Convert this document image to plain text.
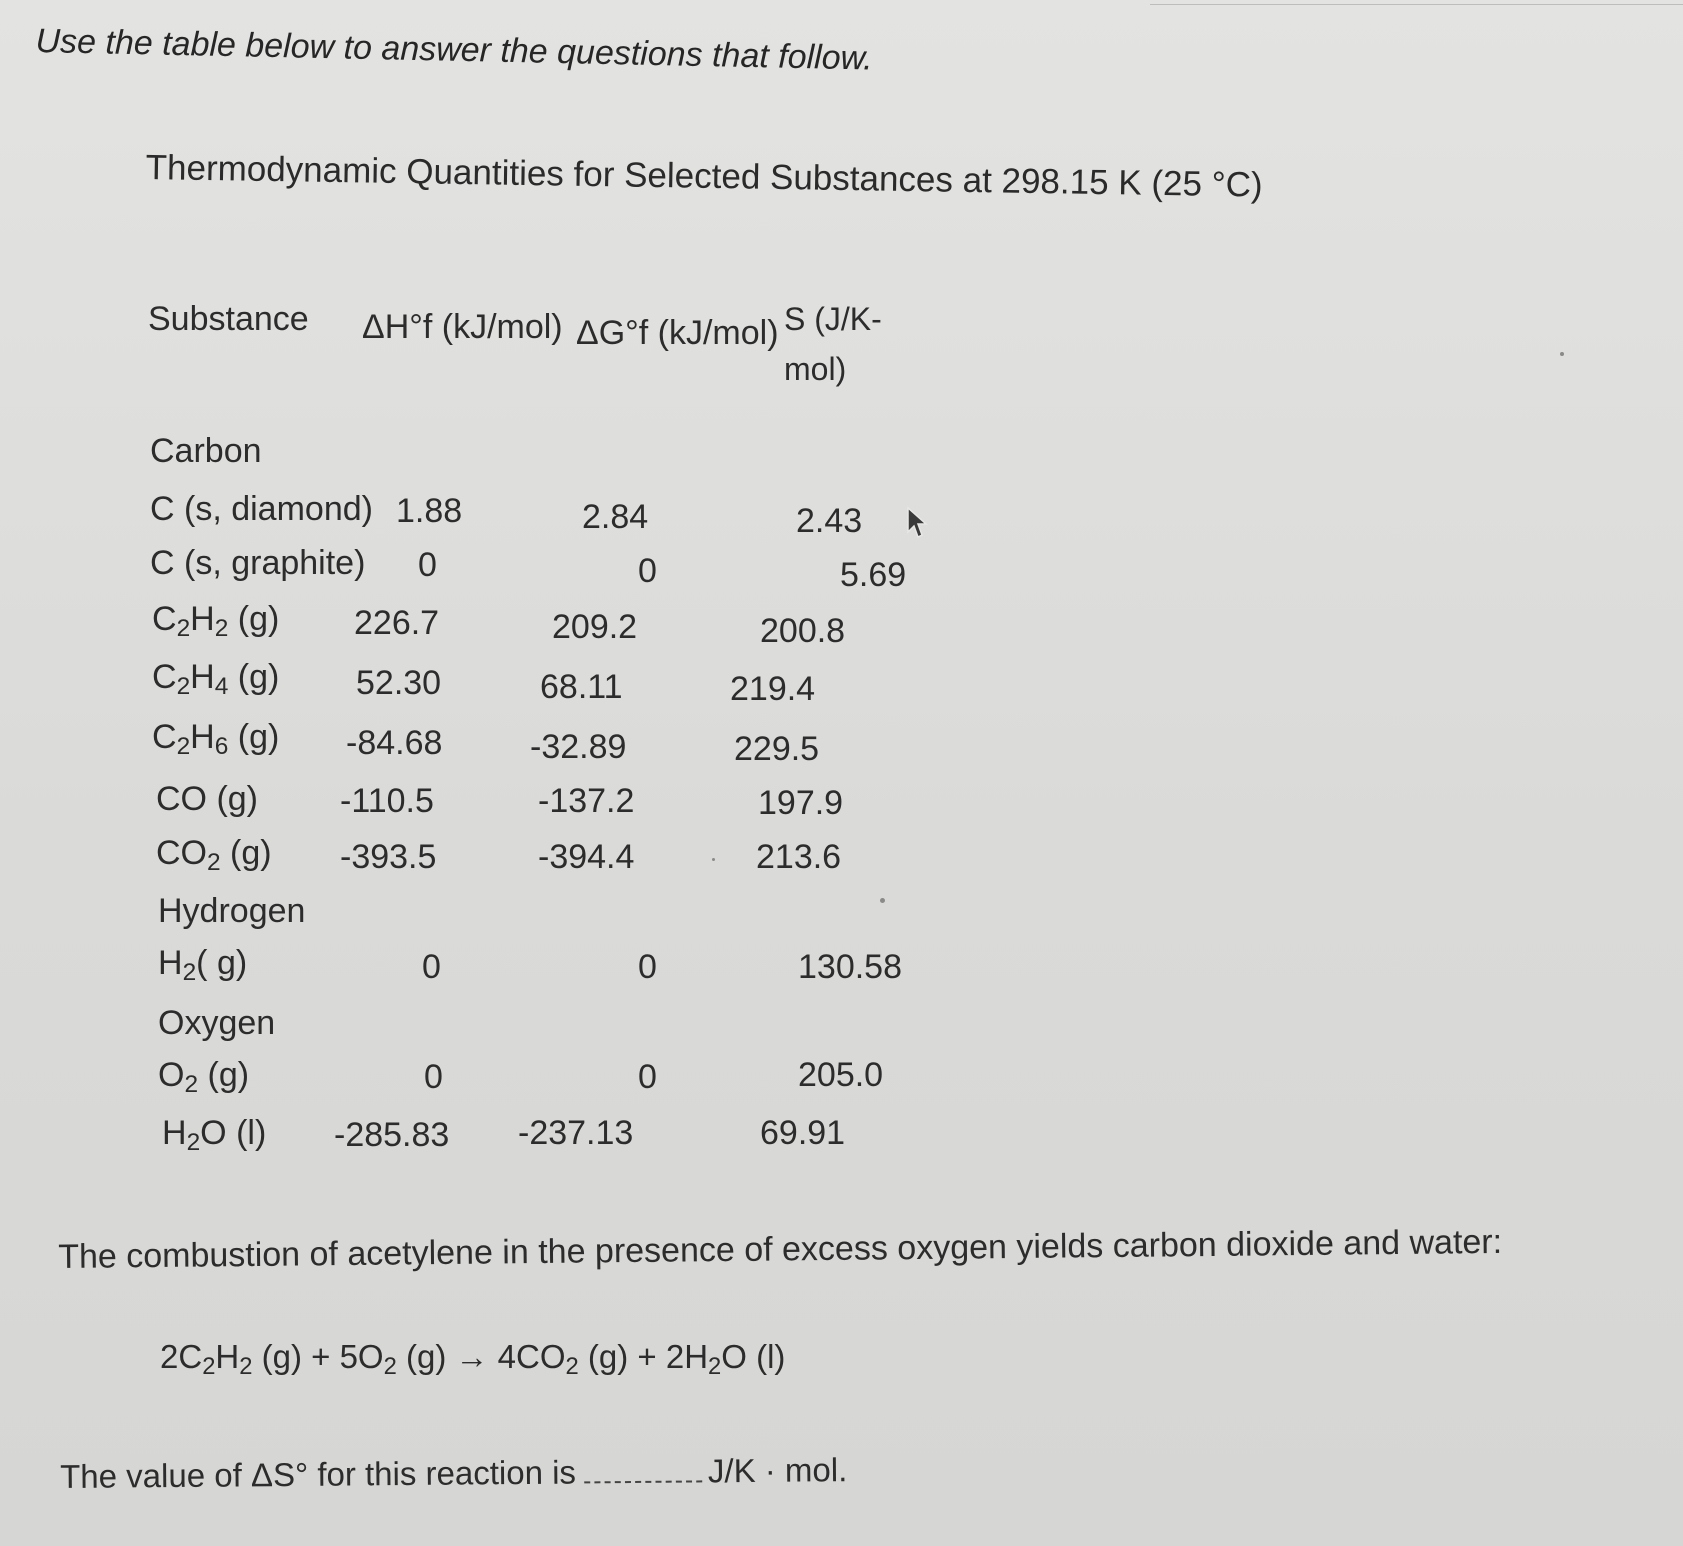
Use the table below to answer the questions that follow.
Thermodynamic Quantities for Selected Substances at 298.15 K (25 °C)
Substance ΔH°f (kJ/mol) ΔG°f (kJ/mol) S (J/K-mol)
Carbon
C (s, diamond) 1.88	2.84	2.43
C (s, graphite) 0	0	5.69
$C_2H_2$ (g) 226.7	209.2	200.8
$C_2H_4$ (g) 52.30	68.11	219.4
$C_2H_6$ (g) -84.68	-32.89	229.5
CO (g) -110.5	-137.2	197.9
$CO_2$ (g) -393.5	-394.4	213.6
Hydrogen
$H_2$( g)	0	0	130.58
Oxygen
$O_2$ (g)	0	0	205.0
$H_2O$ (l) -285.83 -237.13	69.91
The combustion of acetylene in the presence of excess oxygen yields carbon dioxide and water:
$2C_2H_2$ $(g) + 5O_2$ $(g) \to 4CO_2$ $(g) + 2H_2O$ (l)
The value of ΔS° for this reaction is	J/K · mol.
